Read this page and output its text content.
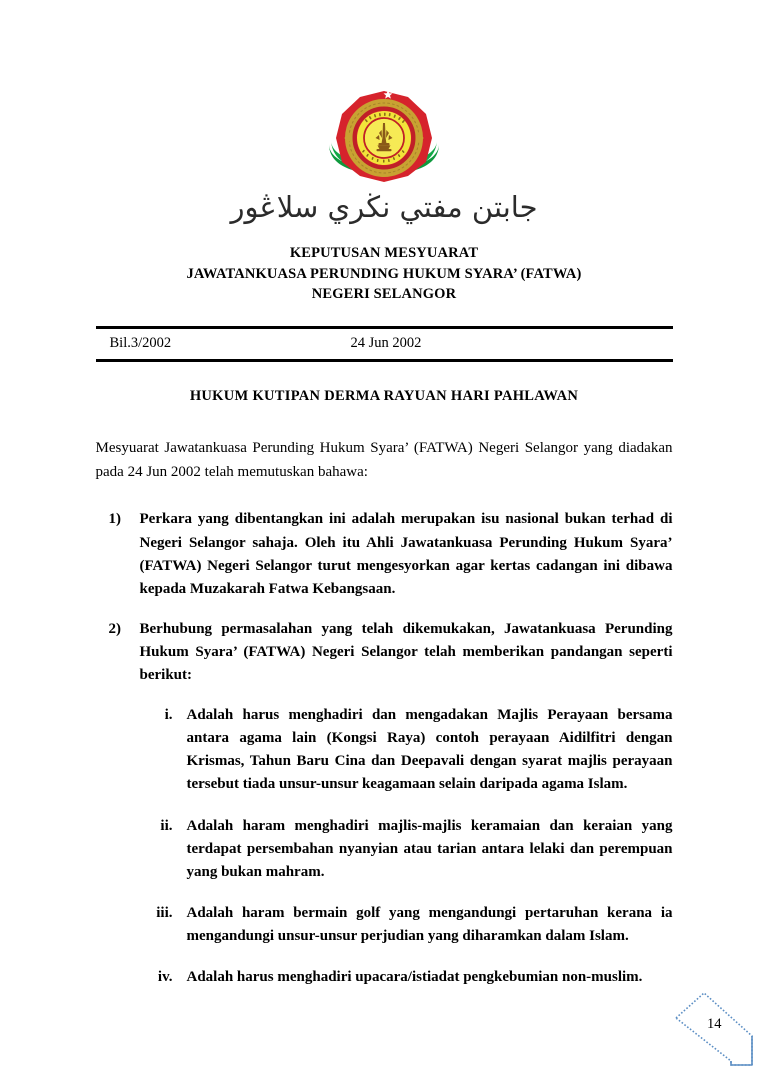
جابتن مفتي نڬري سلاڠور
KEPUTUSAN MESYUARAT
JAWATANKUASA PERUNDING HUKUM SYARA’ (FATWA)
NEGERI SELANGOR
Bil.3/2002	24 Jun 2002
HUKUM KUTIPAN DERMA RAYUAN HARI PAHLAWAN

Mesyuarat Jawatankuasa Perunding Hukum Syara’ (FATWA) Negeri Selangor yang diadakan pada 24 Jun 2002 telah memutuskan bahawa:

1)	Perkara yang dibentangkan ini adalah merupakan isu nasional bukan terhad di Negeri Selangor sahaja. Oleh itu Ahli Jawatankuasa Perunding Hukum Syara’ (FATWA) Negeri Selangor turut mengesyorkan agar kertas cadangan ini dibawa kepada Muzakarah Fatwa Kebangsaan.
2)	Berhubung permasalahan yang telah dikemukakan, Jawatankuasa Perunding Hukum Syara’ (FATWA) Negeri Selangor telah memberikan pandangan seperti berikut:
i. Adalah harus menghadiri dan mengadakan Majlis Perayaan bersama antara agama lain (Kongsi Raya) contoh perayaan Aidilfitri dengan Krismas, Tahun Baru Cina dan Deepavali dengan syarat majlis perayaan tersebut tiada unsur-unsur keagamaan selain daripada agama Islam.
ii. Adalah haram menghadiri majlis-majlis keramaian dan keraian yang terdapat persembahan nyanyian atau tarian antara lelaki dan perempuan yang bukan mahram.
iii. Adalah haram bermain golf yang mengandungi pertaruhan kerana ia mengandungi unsur-unsur perjudian yang diharamkan dalam Islam.
iv. Adalah harus menghadiri upacara/istiadat pengkebumian non-muslim.
14
